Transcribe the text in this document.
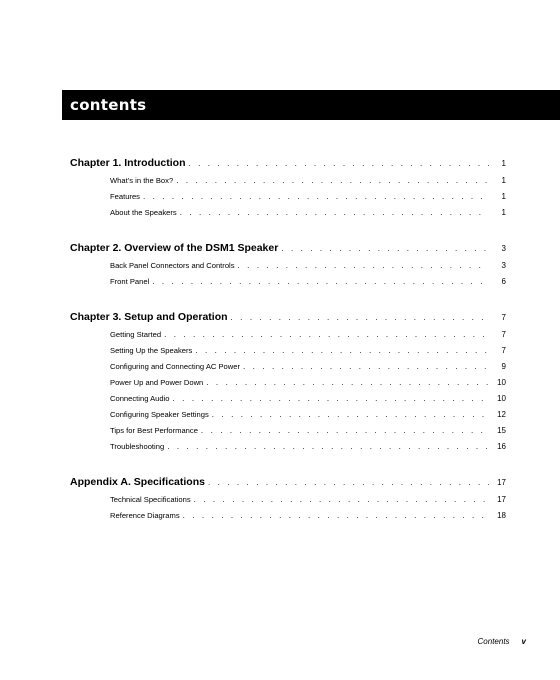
contents
Chapter 1. Introduction . . .	1
What’s in the Box? . . .	1
Features . . .	1
About the Speakers . . .	1
Chapter 2. Overview of the DSM1 Speaker . . .	3
Back Panel Connectors and Controls . . .	3
Front Panel . . .	6
Chapter 3. Setup and Operation . . .	7
Getting Started . . .	7
Setting Up the Speakers . . .	7
Configuring and Connecting AC Power . . .	9
Power Up and Power Down . . .	10
Connecting Audio . . .	10
Configuring Speaker Settings . . .	12
Tips for Best Performance . . .	15
Troubleshooting . . .	16
Appendix A. Specifications . . .	17
Technical Specifications . . .	17
Reference Diagrams . . .	18
Contents v
